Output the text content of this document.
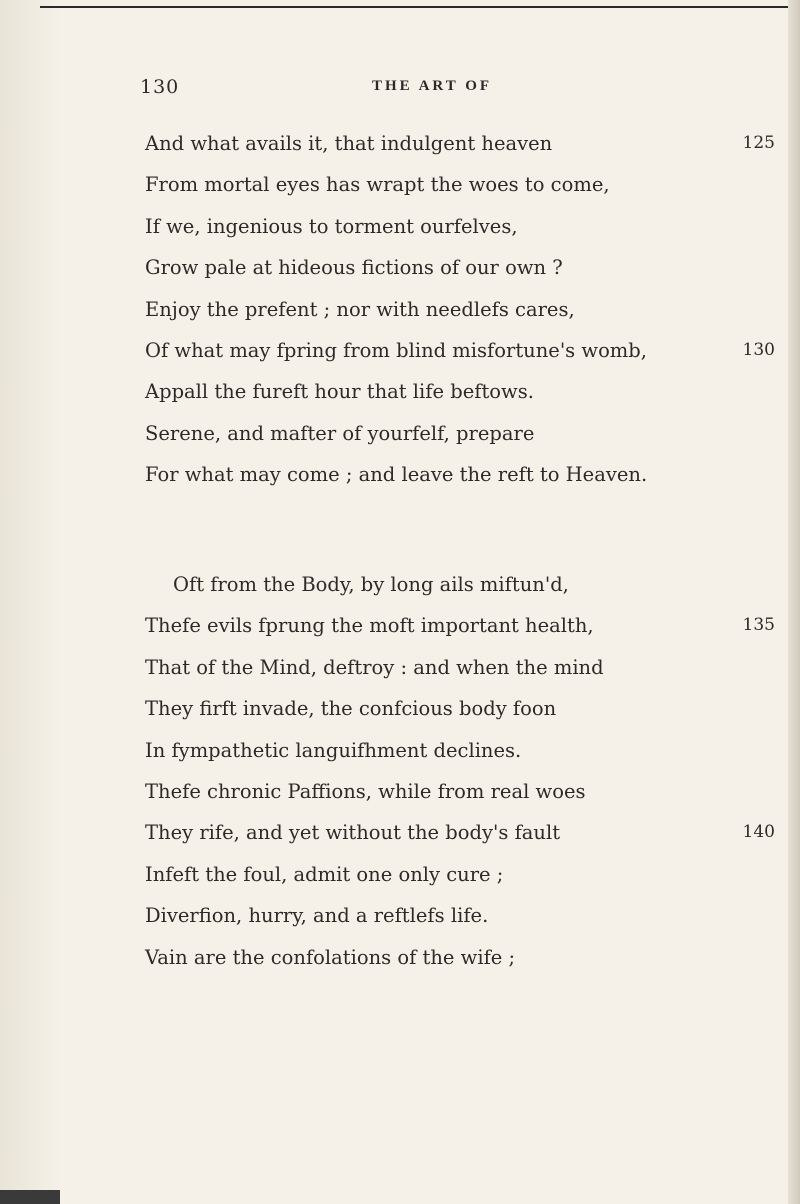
130	THE ART OF
And what avails it, that indulgent heaven	125
From mortal eyes has wrapt the woes to come,
If we, ingenious to torment ourfelves,
Grow pale at hideous fictions of our own ?
Enjoy the prefent ; nor with needlefs cares,
Of what may fpring from blind misfortune's womb,	130
Appall the fureft hour that life beftows.
Serene, and mafter of yourfelf, prepare
For what may come ; and leave the reft to Heaven.
Oft from the Body, by long ails miftun'd,
Thefe evils fprung the moft important health,	135
That of the Mind, deftroy : and when the mind
They firft invade, the confcious body foon
In fympathetic languifhment declines.
Thefe chronic Paffions, while from real woes
They rife, and yet without the body's fault	140
Infeft the foul, admit one only cure ;
Diverfion, hurry, and a reftlefs life.
Vain are the confolations of the wife ;
